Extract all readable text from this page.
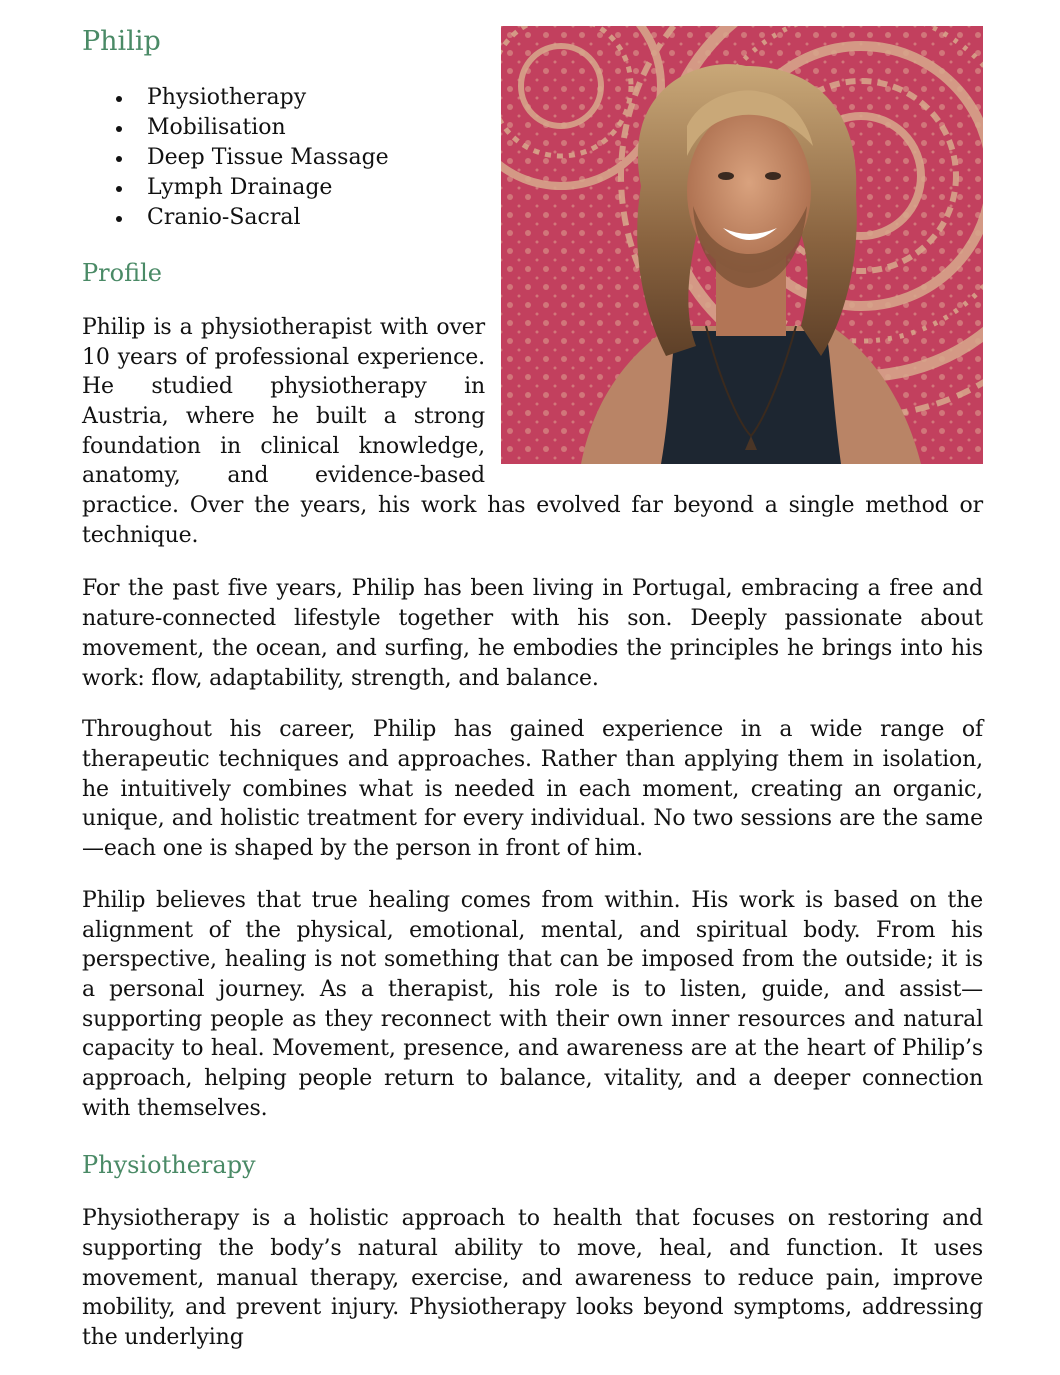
Philip
Physiotherapy
Mobilisation
Deep Tissue Massage
Lymph Drainage
Cranio-Sacral
Profile

Philip is a physiotherapist with over 10 years of professional experience. He studied physiotherapy in Austria, where he built a strong foundation in clinical knowledge, anatomy, and evidence-based practice. Over the years, his work has evolved far beyond a single method or technique.

For the past five years, Philip has been living in Portugal, embracing a free and nature-connected lifestyle together with his son. Deeply passionate about movement, the ocean, and surfing, he embodies the principles he brings into his work: flow, adaptability, strength, and balance.

Throughout his career, Philip has gained experience in a wide range of therapeutic techniques and approaches. Rather than applying them in isolation, he intuitively combines what is needed in each moment, creating an organic, unique, and holistic treatment for every individual. No two sessions are the same—each one is shaped by the person in front of him.

Philip believes that true healing comes from within. His work is based on the alignment of the physical, emotional, mental, and spiritual body. From his perspective, healing is not something that can be imposed from the outside; it is a personal journey. As a therapist, his role is to listen, guide, and assist—supporting people as they reconnect with their own inner resources and natural capacity to heal. Movement, presence, and awareness are at the heart of Philip’s approach, helping people return to balance, vitality, and a deeper connection with themselves.

Physiotherapy

Physiotherapy is a holistic approach to health that focuses on restoring and supporting the body’s natural ability to move, heal, and function. It uses movement, manual therapy, exercise, and awareness to reduce pain, improve mobility, and prevent injury. Physiotherapy looks beyond symptoms, addressing the underlying
